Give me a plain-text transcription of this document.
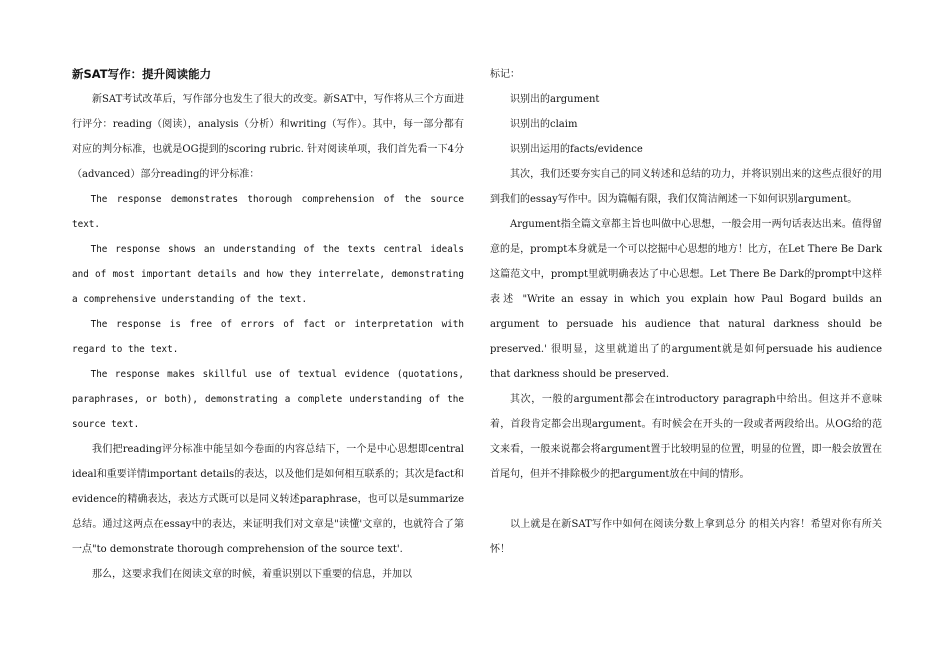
新SAT写作：提升阅读能力

新SAT考试改革后，写作部分也发生了很大的改变。新SAT中，写作将从三个方面进行评分：reading（阅读），analysis（分析）和writing（写作）。其中，每一部分都有对应的判分标准，也就是OG提到的scoring rubric. 针对阅读单项，我们首先看一下4分（advanced）部分reading的评分标准：

The response demonstrates thorough comprehension of the source text.

The response shows an understanding of the texts central ideals and of most important details and how they interrelate, demonstrating a comprehensive understanding of the text.

The response is free of errors of fact or interpretation with regard to the text.

The response makes skillful use of textual evidence (quotations, paraphrases, or both), demonstrating a complete understanding of the source text.

我们把reading评分标准中能呈如今卷面的内容总结下，一个是中心思想即central ideal和重要详情important details的表达，以及他们是如何相互联系的；其次是fact和evidence的精确表达，表达方式既可以是同义转述paraphrase，也可以是summarize总结。通过这两点在essay中的表达，来证明我们对文章是"读懂'文章的，也就符合了第一点"to demonstrate thorough comprehension of the source text'.

那么，这要求我们在阅读文章的时候，着重识别以下重要的信息，并加以

标记：

识别出的argument

识别出的claim

识别出运用的facts/evidence

其次，我们还要夯实自己的同义转述和总结的功力，并将识别出来的这些点很好的用到我们的essay写作中。因为篇幅有限，我们仅简洁阐述一下如何识别argument。

Argument指全篇文章都主旨也叫做中心思想，一般会用一两句话表达出来。值得留意的是，prompt本身就是一个可以挖掘中心思想的地方！比方，在Let There Be Dark这篇范文中，prompt里就明确表达了中心思想。Let There Be Dark的prompt中这样表述 "Write an essay in which you explain how Paul Bogard builds an argument to persuade his audience that natural darkness should be preserved.' 很明显，这里就道出了的argument就是如何persuade his audience that darkness should be preserved.

其次，一般的argument都会在introductory paragraph中给出。但这并不意味着，首段肯定都会出现argument。有时候会在开头的一段或者两段给出。从OG给的范文来看，一般来说都会将argument置于比较明显的位置，明显的位置，即一般会放置在首尾句，但并不排除极少的把argument放在中间的情形。

以上就是在新SAT写作中如何在阅读分数上拿到总分 的相关内容！希望对你有所关怀！
